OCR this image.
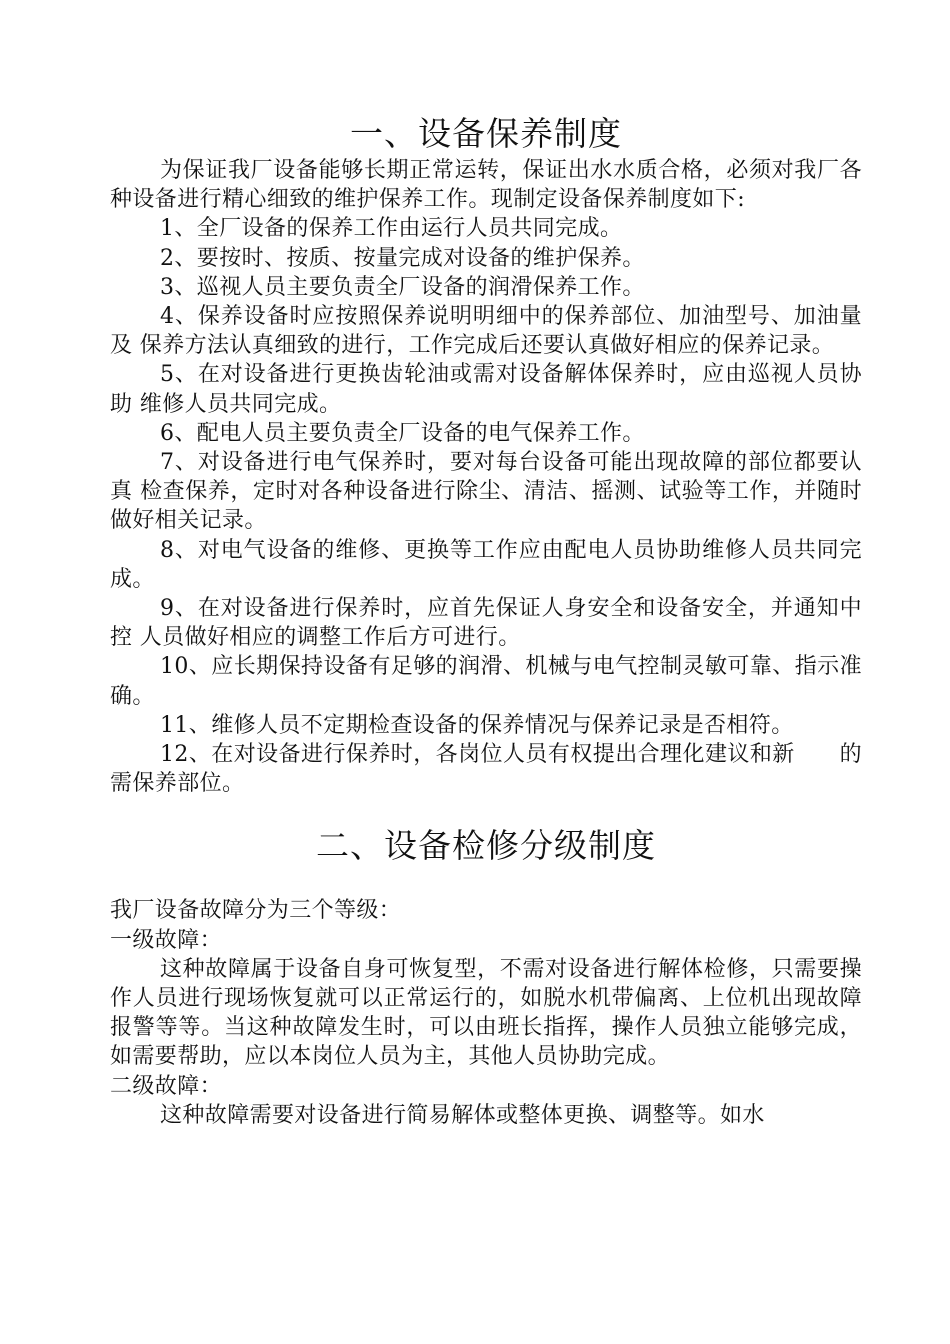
一、设备保养制度

为保证我厂设备能够长期正常运转，保证出水水质合格，必须对我厂各种设备进行精心细致的维护保养工作。现制定设备保养制度如下:

1、全厂设备的保养工作由运行人员共同完成。

2、要按时、按质、按量完成对设备的维护保养。

3、巡视人员主要负责全厂设备的润滑保养工作。

4、保养设备时应按照保养说明明细中的保养部位、加油型号、加油量及 保养方法认真细致的进行，工作完成后还要认真做好相应的保养记录。

5、在对设备进行更换齿轮油或需对设备解体保养时，应由巡视人员协助 维修人员共同完成。

6、配电人员主要负责全厂设备的电气保养工作。

7、对设备进行电气保养时，要对每台设备可能出现故障的部位都要认真 检查保养，定时对各种设备进行除尘、清洁、摇测、试验等工作，并随时做好相关记录。

8、对电气设备的维修、更换等工作应由配电人员协助维修人员共同完成。

9、在对设备进行保养时，应首先保证人身安全和设备安全，并通知中控 人员做好相应的调整工作后方可进行。

10、应长期保持设备有足够的润滑、机械与电气控制灵敏可靠、指示准确。

11、维修人员不定期检查设备的保养情况与保养记录是否相符。

12、在对设备进行保养时，各岗位人员有权提出合理化建议和新　　的需保养部位。

二、设备检修分级制度

我厂设备故障分为三个等级：

一级故障：

这种故障属于设备自身可恢复型，不需对设备进行解体检修，只需要操作人员进行现场恢复就可以正常运行的，如脱水机带偏离、上位机出现故障报警等等。当这种故障发生时，可以由班长指挥，操作人员独立能够完成，如需要帮助，应以本岗位人员为主，其他人员协助完成。

二级故障：

这种故障需要对设备进行简易解体或整体更换、调整等。如水
